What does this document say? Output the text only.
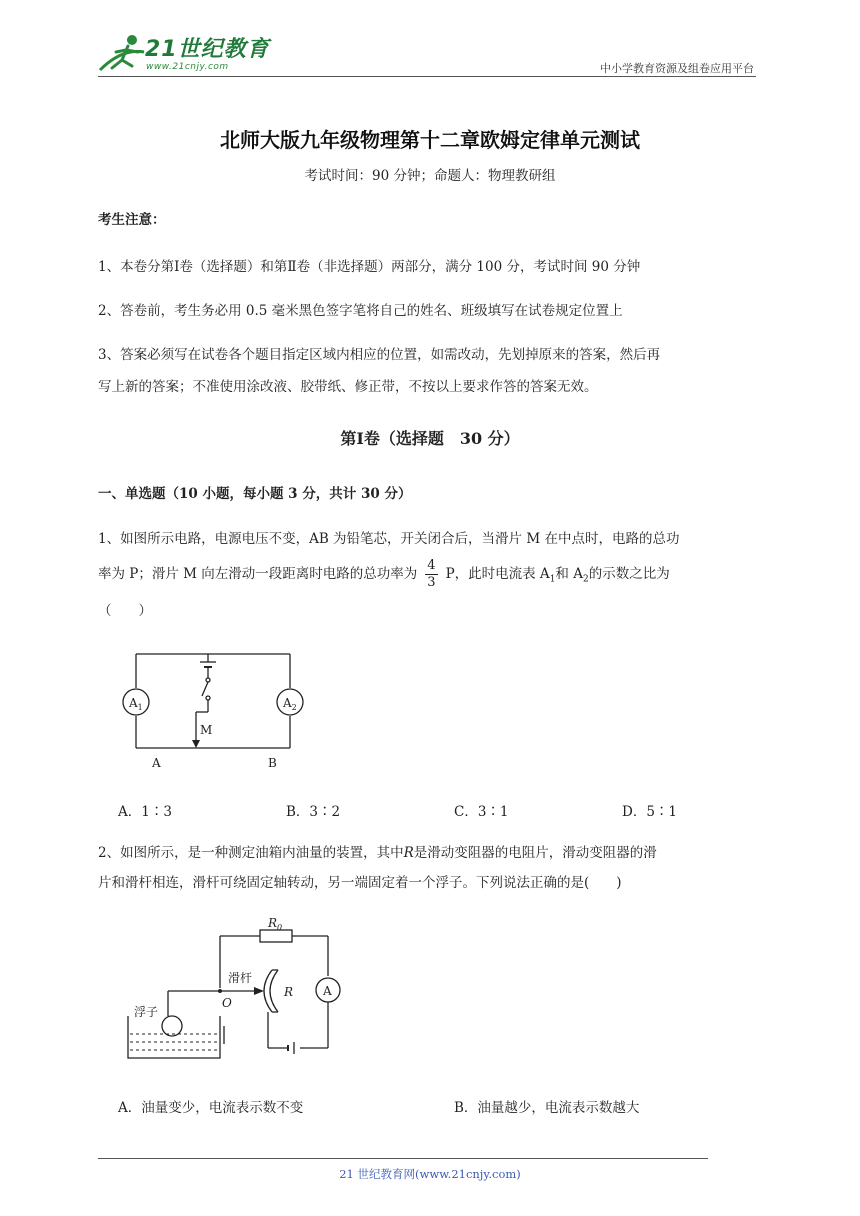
21世纪教育
www.21cnjy.com	中小学教育资源及组卷应用平台
北师大版九年级物理第十二章欧姆定律单元测试
考试时间：90 分钟；命题人：物理教研组
考生注意：
1、本卷分第Ⅰ卷（选择题）和第Ⅱ卷（非选择题）两部分，满分 100 分，考试时间 90 分钟
2、答卷前，考生务必用 0.5 毫米黑色签字笔将自己的姓名、班级填写在试卷规定位置上
3、答案必须写在试卷各个题目指定区域内相应的位置，如需改动，先划掉原来的答案，然后再
写上新的答案；不准使用涂改液、胶带纸、修正带，不按以上要求作答的答案无效。
第Ⅰ卷（选择题　30 分）
一、单选题（10 小题，每小题 3 分，共计 30 分）
1、如图所示电路，电源电压不变，AB 为铅笔芯，开关闭合后，当滑片 M 在中点时，电路的总功
率为 P；滑片 M 向左滑动一段距离时电路的总功率为 $\frac{4}{3}$ P，此时电流表 $A_1$和 $A_2$的示数之比为
（　　）
$A_1$	$A_2$
M
A	B
A．1∶3	B．3∶2	C．3∶1	D．5∶1
2、如图所示，是一种测定油箱内油量的装置，其中R是滑动变阻器的电阻片，滑动变阻器的滑
片和滑杆相连，滑杆可绕固定轴转动，另一端固定着一个浮子。下列说法正确的是(　　)
$R_0$
滑杆
O
R A
浮子
A．油量变少，电流表示数不变	B．油量越少，电流表示数越大
21 世纪教育网(www.21cnjy.com)
